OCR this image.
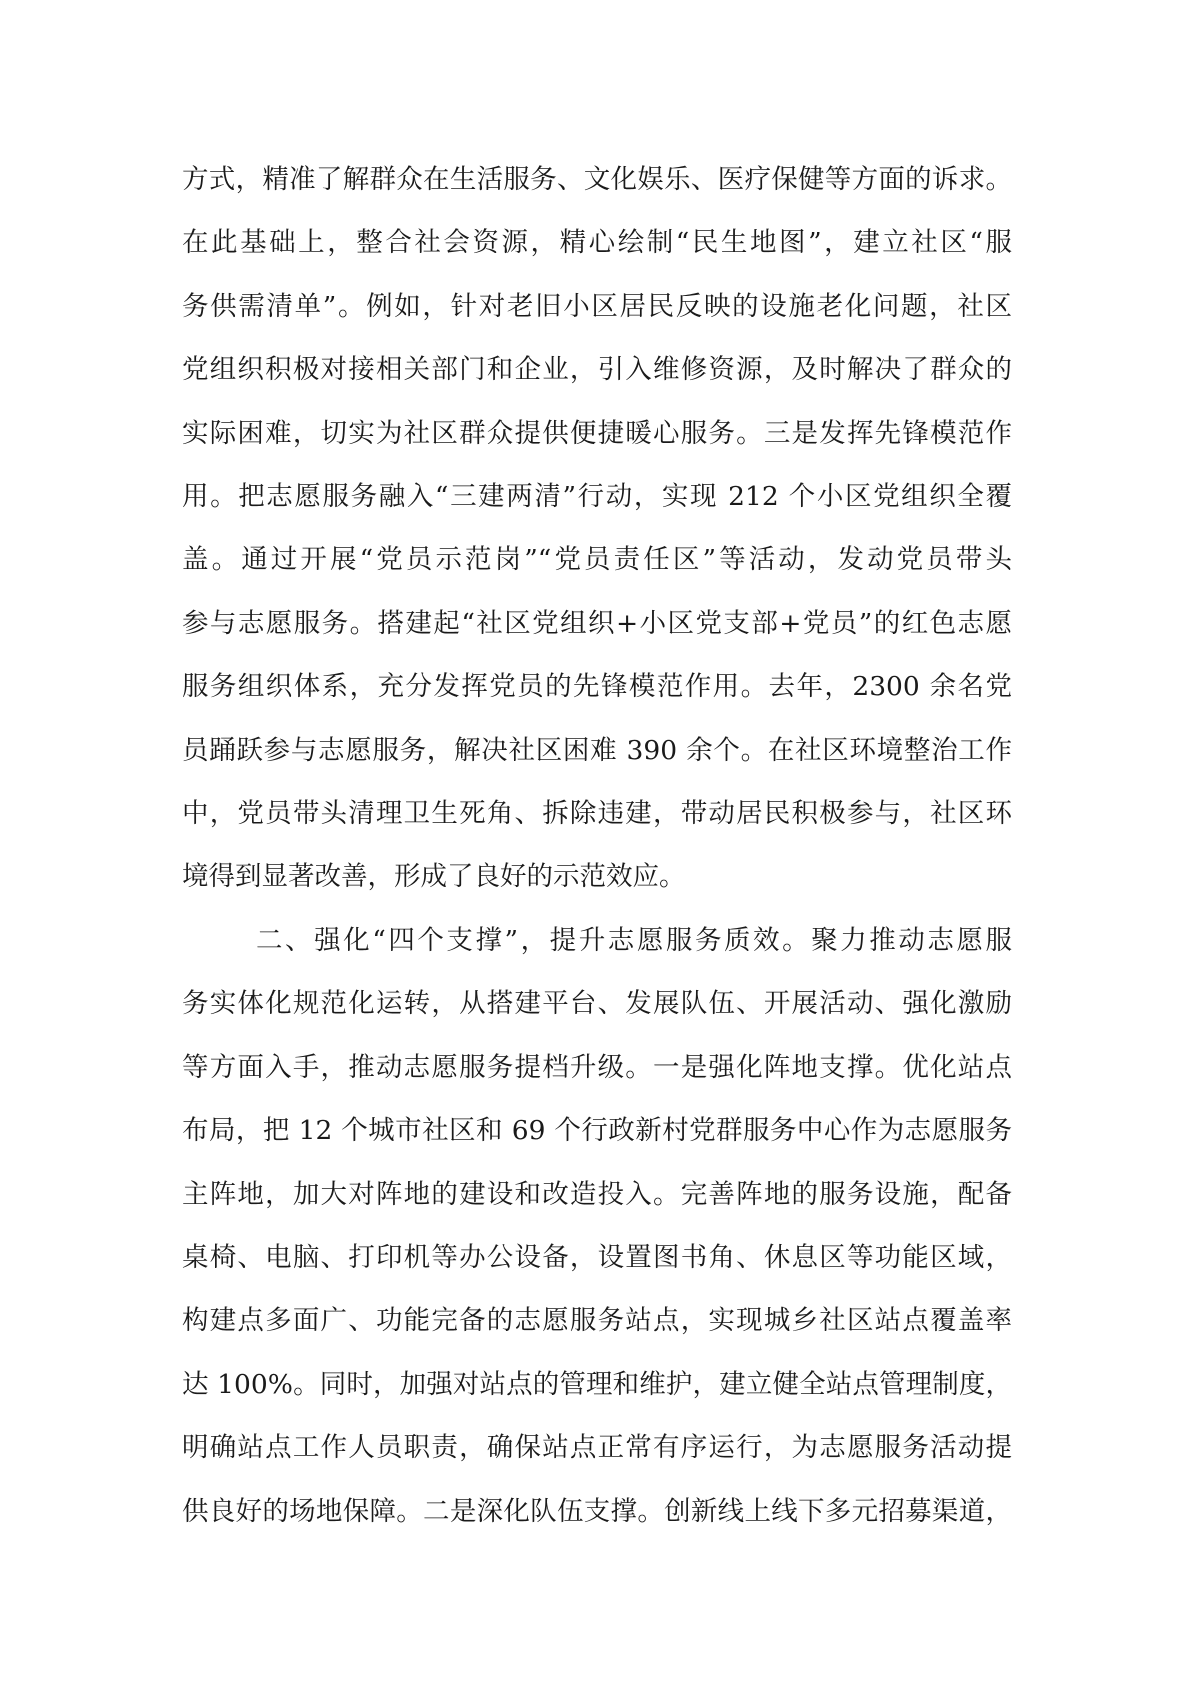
方式，精准了解群众在生活服务、文化娱乐、医疗保健等方面的诉求。
在此基础上，整合社会资源，精心绘制“民生地图”，建立社区“服
务供需清单”。例如，针对老旧小区居民反映的设施老化问题，社区
党组织积极对接相关部门和企业，引入维修资源，及时解决了群众的
实际困难，切实为社区群众提供便捷暖心服务。三是发挥先锋模范作
用。把志愿服务融入“三建两清”行动，实现 212 个小区党组织全覆
盖。通过开展“党员示范岗”“党员责任区”等活动，发动党员带头
参与志愿服务。搭建起“社区党组织+小区党支部+党员”的红色志愿
服务组织体系，充分发挥党员的先锋模范作用。去年，2300 余名党
员踊跃参与志愿服务，解决社区困难 390 余个。在社区环境整治工作
中，党员带头清理卫生死角、拆除违建，带动居民积极参与，社区环
境得到显著改善，形成了良好的示范效应。
二、强化“四个支撑”，提升志愿服务质效。聚力推动志愿服
务实体化规范化运转，从搭建平台、发展队伍、开展活动、强化激励
等方面入手，推动志愿服务提档升级。一是强化阵地支撑。优化站点
布局，把 12 个城市社区和 69 个行政新村党群服务中心作为志愿服务
主阵地，加大对阵地的建设和改造投入。完善阵地的服务设施，配备
桌椅、电脑、打印机等办公设备，设置图书角、休息区等功能区域，
构建点多面广、功能完备的志愿服务站点，实现城乡社区站点覆盖率
达 100%。同时，加强对站点的管理和维护，建立健全站点管理制度，
明确站点工作人员职责，确保站点正常有序运行，为志愿服务活动提
供良好的场地保障。二是深化队伍支撑。创新线上线下多元招募渠道，
